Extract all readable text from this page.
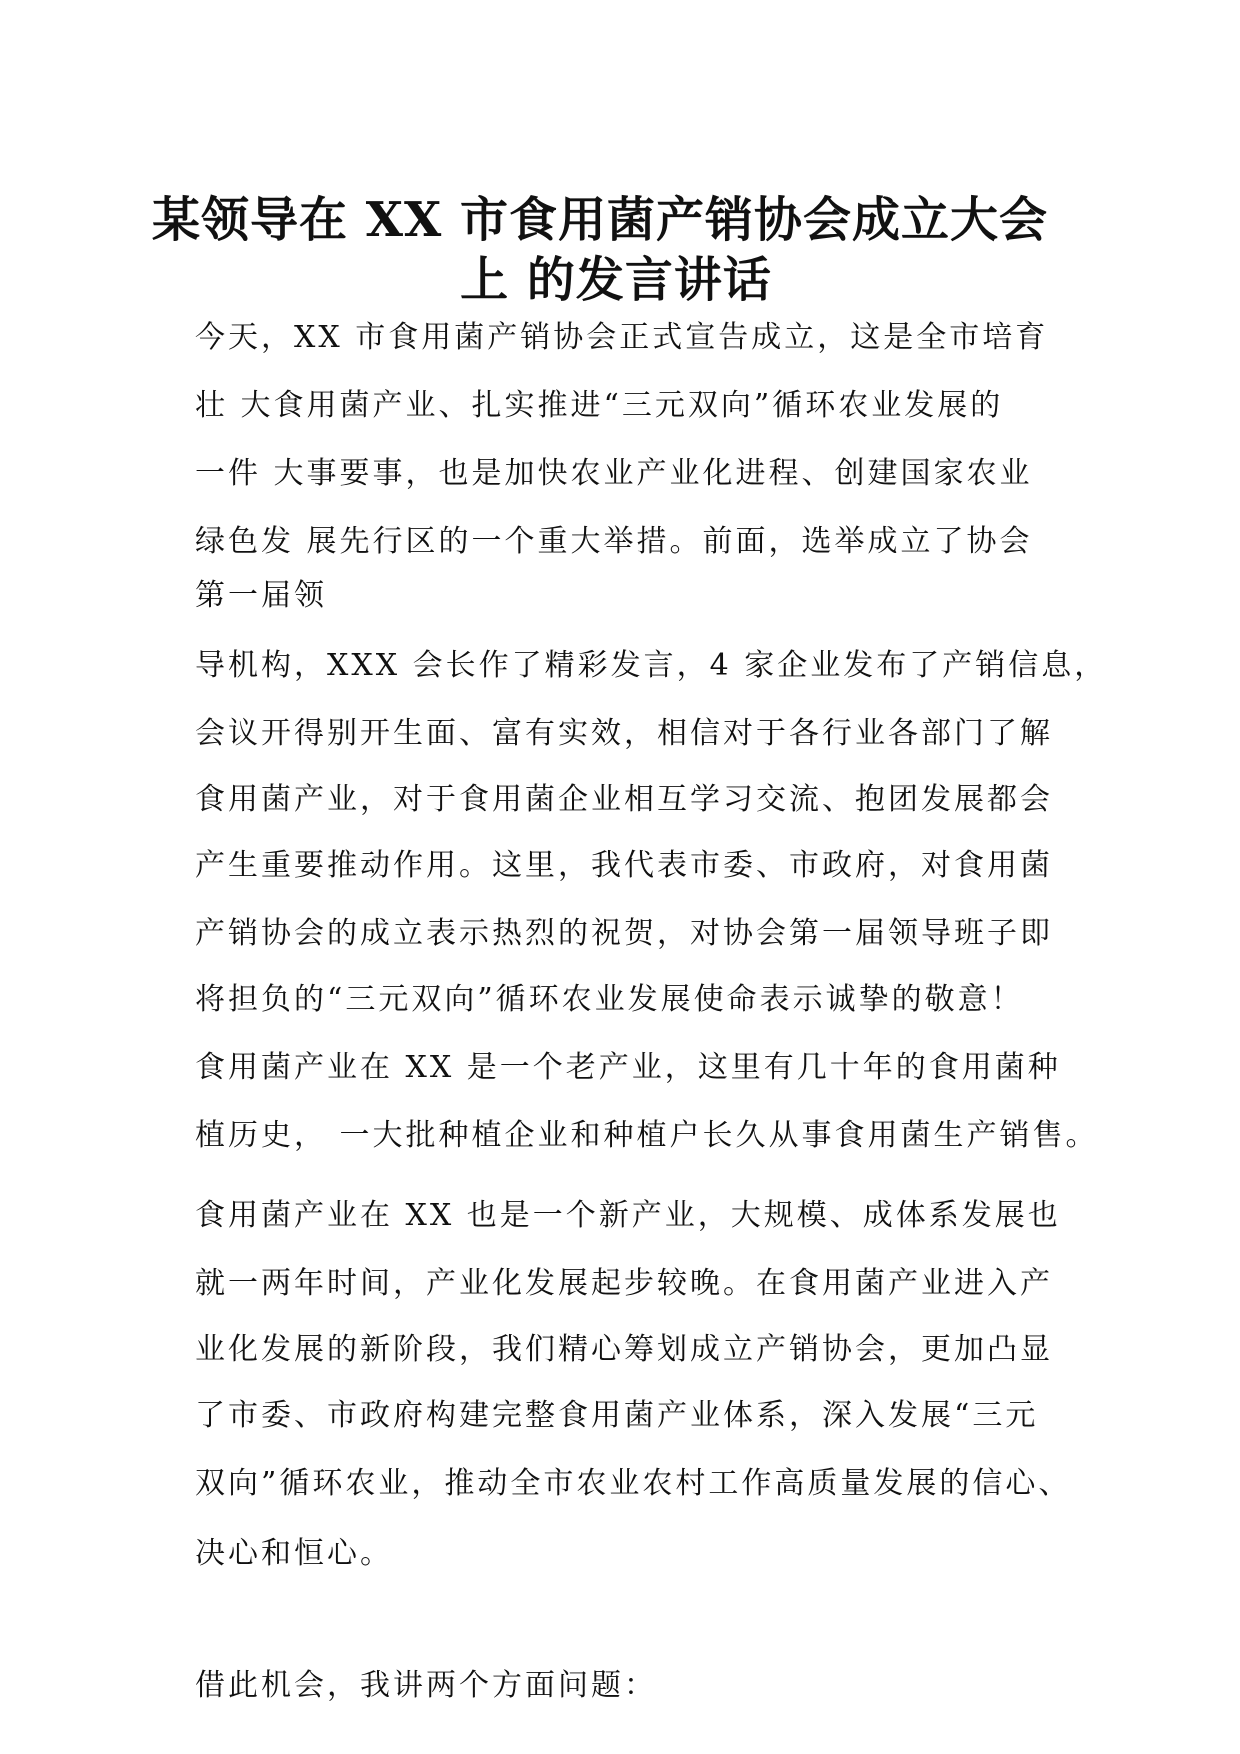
某领导在 XX 市食用菌产销协会成立大会
上 的发言讲话
今天，XX 市食用菌产销协会正式宣告成立，这是全市培育
壮 大食用菌产业、扎实推进“三元双向”循环农业发展的
一件 大事要事，也是加快农业产业化进程、创建国家农业
绿色发 展先行区的一个重大举措。前面，选举成立了协会
第一届领
导机构，XXX 会长作了精彩发言，4 家企业发布了产销信息，
会议开得别开生面、富有实效，相信对于各行业各部门了解
食用菌产业，对于食用菌企业相互学习交流、抱团发展都会
产生重要推动作用。这里，我代表市委、市政府，对食用菌
产销协会的成立表示热烈的祝贺，对协会第一届领导班子即
将担负的“三元双向”循环农业发展使命表示诚挚的敬意！
食用菌产业在 XX 是一个老产业，这里有几十年的食用菌种
植历史， 一大批种植企业和种植户长久从事食用菌生产销售。
食用菌产业在 XX 也是一个新产业，大规模、成体系发展也
就一两年时间，产业化发展起步较晚。在食用菌产业进入产
业化发展的新阶段，我们精心筹划成立产销协会，更加凸显
了市委、市政府构建完整食用菌产业体系，深入发展“三元
双向”循环农业，推动全市农业农村工作高质量发展的信心、
决心和恒心。
借此机会，我讲两个方面问题：
